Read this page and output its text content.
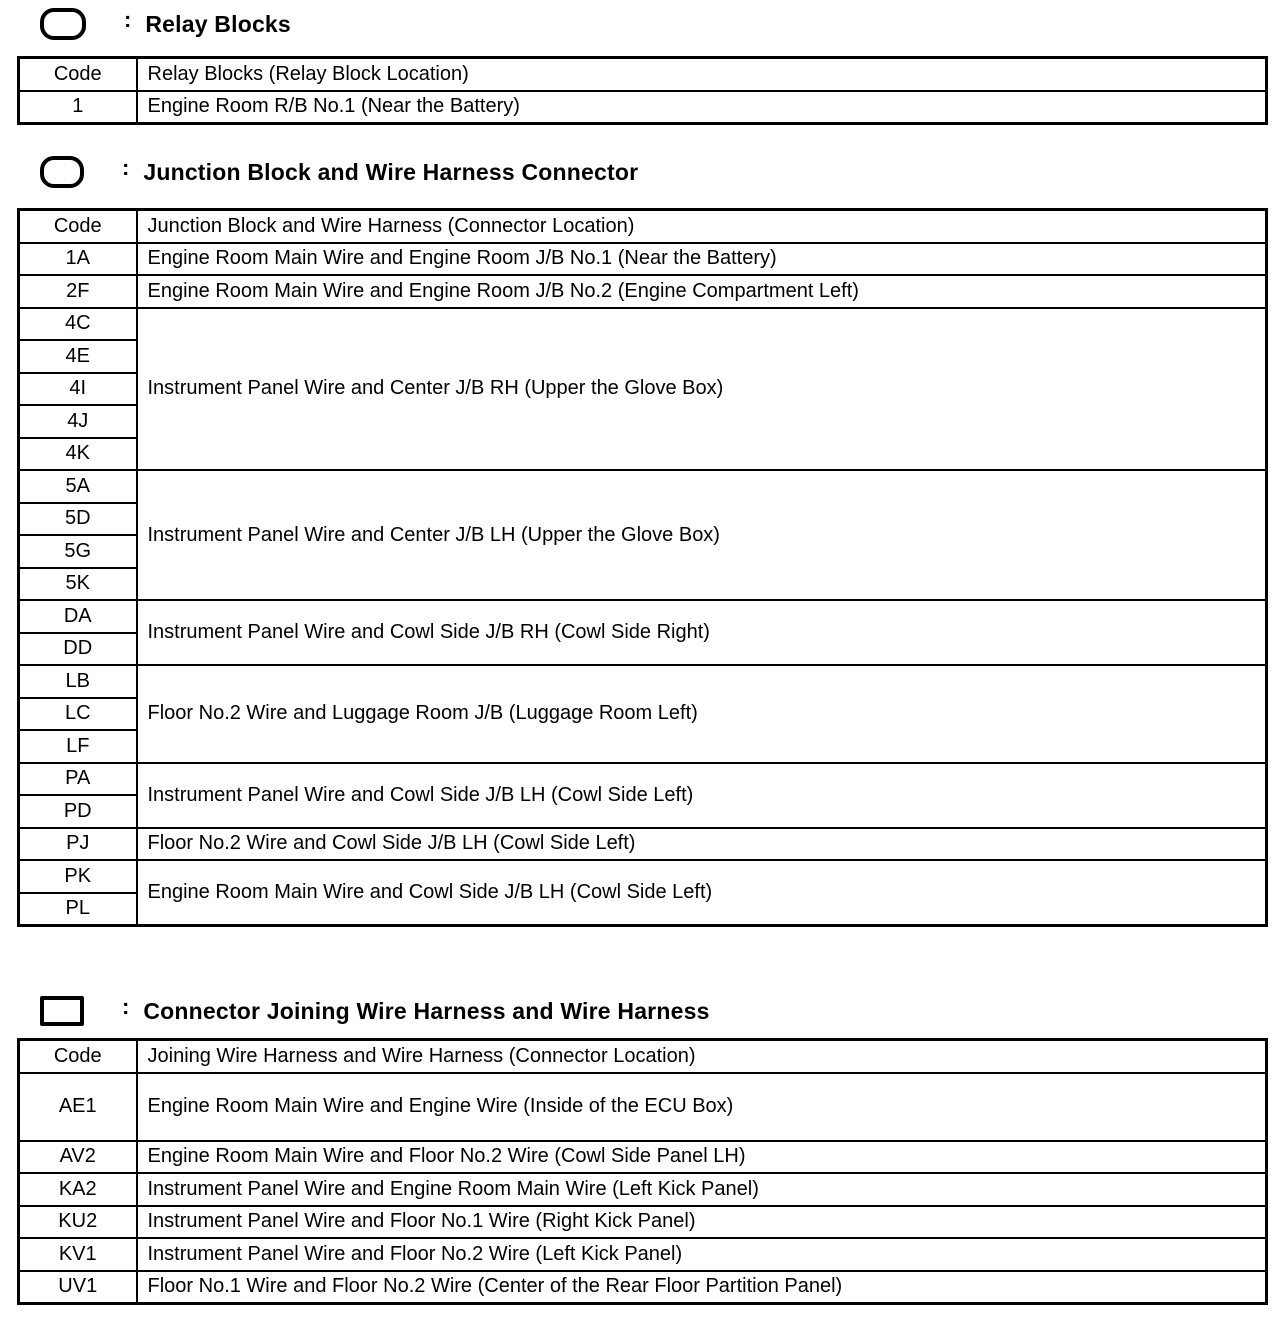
: Relay Blocks
Code	Relay Blocks (Relay Block Location)
1	Engine Room R/B No.1 (Near the Battery)
: Junction Block and Wire Harness Connector
Code	Junction Block and Wire Harness (Connector Location)
1A	Engine Room Main Wire and Engine Room J/B No.1 (Near the Battery)
2F	Engine Room Main Wire and Engine Room J/B No.2 (Engine Compartment Left)
4C	Instrument Panel Wire and Center J/B RH (Upper the Glove Box)
4E	
4I	
4J	
4K	
5A	Instrument Panel Wire and Center J/B LH (Upper the Glove Box)
5D	
5G	
5K	
DA	Instrument Panel Wire and Cowl Side J/B RH (Cowl Side Right)
DD	
LB	Floor No.2 Wire and Luggage Room J/B (Luggage Room Left)
LC	
LF	
PA	Instrument Panel Wire and Cowl Side J/B LH (Cowl Side Left)
PD	
PJ	Floor No.2 Wire and Cowl Side J/B LH (Cowl Side Left)
PK	Engine Room Main Wire and Cowl Side J/B LH (Cowl Side Left)
PL	
: Connector Joining Wire Harness and Wire Harness
Code	Joining Wire Harness and Wire Harness (Connector Location)
AE1	Engine Room Main Wire and Engine Wire (Inside of the ECU Box)
AV2	Engine Room Main Wire and Floor No.2 Wire (Cowl Side Panel LH)
KA2	Instrument Panel Wire and Engine Room Main Wire (Left Kick Panel)
KU2	Instrument Panel Wire and Floor No.1 Wire (Right Kick Panel)
KV1	Instrument Panel Wire and Floor No.2 Wire (Left Kick Panel)
UV1	Floor No.1 Wire and Floor No.2 Wire (Center of the Rear Floor Partition Panel)
